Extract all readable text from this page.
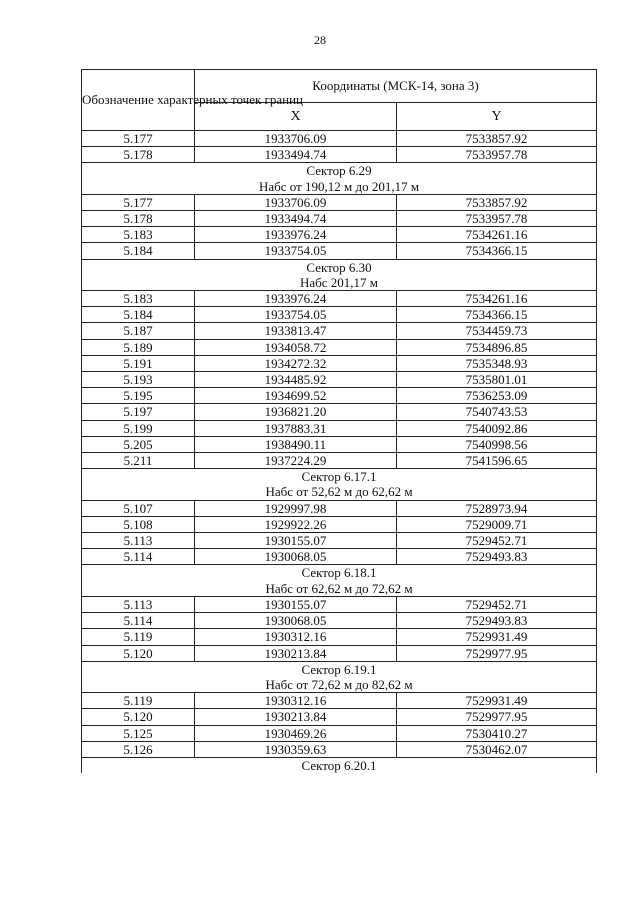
28
Обозначение характерных точек границ	Координаты (МСК-14, зона 3)	
	X	Y
5.177	1933706.09	7533857.92
5.178	1933494.74	7533957.78

Сектор 6.29
Набс от 190,12 м до 201,17 м		

5.177	1933706.09	7533857.92
5.178	1933494.74	7533957.78
5.183	1933976.24	7534261.16
5.184	1933754.05	7534366.15

Сектор 6.30
Набс 201,17 м		

5.183	1933976.24	7534261.16
5.184	1933754.05	7534366.15
5.187	1933813.47	7534459.73
5.189	1934058.72	7534896.85
5.191	1934272.32	7535348.93
5.193	1934485.92	7535801.01
5.195	1934699.52	7536253.09
5.197	1936821.20	7540743.53
5.199	1937883.31	7540092.86
5.205	1938490.11	7540998.56
5.211	1937224.29	7541596.65

Сектор 6.17.1
Набс от 52,62 м до 62,62 м		

5.107	1929997.98	7528973.94
5.108	1929922.26	7529009.71
5.113	1930155.07	7529452.71
5.114	1930068.05	7529493.83

Сектор 6.18.1
Набс от 62,62 м до 72,62 м		

5.113	1930155.07	7529452.71
5.114	1930068.05	7529493.83
5.119	1930312.16	7529931.49
5.120	1930213.84	7529977.95

Сектор 6.19.1
Набс от 72,62 м до 82,62 м		

5.119	1930312.16	7529931.49
5.120	1930213.84	7529977.95
5.125	1930469.26	7530410.27
5.126	1930359.63	7530462.07

Сектор 6.20.1		
